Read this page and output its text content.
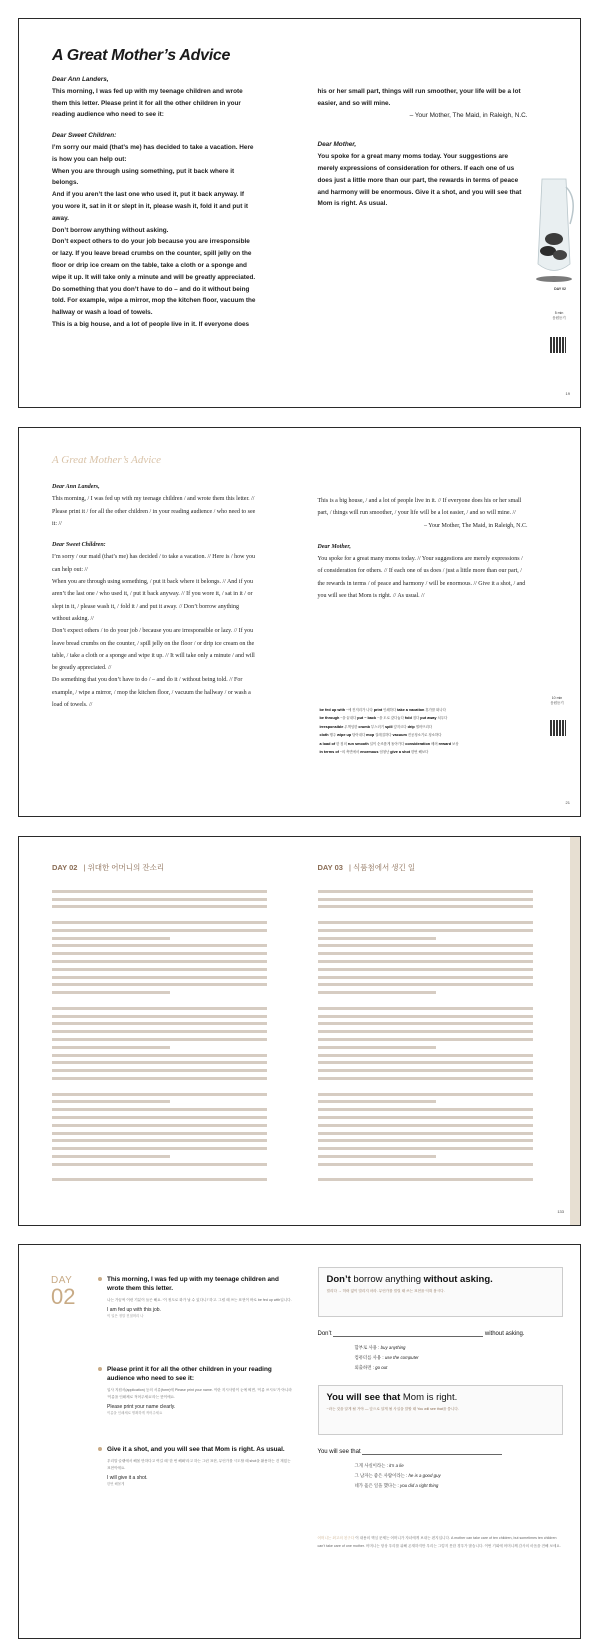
A Great Mother’s Advice

Dear Ann Landers,

This morning, I was fed up with my teenage children and wrote them this letter. Please print it for all the other children in your reading audience who need to see it:

Dear Sweet Children:

I’m sorry our maid (that’s me) has decided to take a vacation. Here is how you can help out:

When you are through using something, put it back where it belongs.

And if you aren’t the last one who used it, put it back anyway. If you wore it, sat in it or slept in it, please wash it, fold it and put it away.

Don’t borrow anything without asking.

Don’t expect others to do your job because you are irresponsible or lazy. If you leave bread crumbs on the counter, spill jelly on the floor or drip ice cream on the table, take a cloth or a sponge and wipe it up. It will take only a minute and will be greatly appreciated.

Do something that you don’t have to do – and do it without being told. For example, wipe a mirror, mop the kitchen floor, vacuum the hallway or wash a load of towels.

This is a big house, and a lot of people live in it. If everyone does

his or her small part, things will run smoother, your life will be a lot easier, and so will mine.

– Your Mother, The Maid, in Raleigh, N.C.

Dear Mother,

You spoke for a great many moms today. Your suggestions are merely expressions of consideration for others. If each one of us does just a little more than our part, the rewards in terms of peace and harmony will be enormous. Give it a shot, and you will see that Mom is right. As usual.

DAY 02
5 min
음원듣기
19
A Great Mother’s Advice

Dear Ann Landers,

This morning, / I was fed up with my teenage children / and wrote them this letter. // Please print it / for all the other children / in your reading audience / who need to see it: //

Dear Sweet Children:

I’m sorry / our maid (that’s me) has decided / to take a vacation. // Here is / how you can help out: //

When you are through using something, / put it back where it belongs. // And if you aren’t the last one / who used it, / put it back anyway. // If you wore it, / sat in it / or slept in it, / please wash it, / fold it / and put it away. // Don’t borrow anything without asking. //

Don’t expect others / to do your job / because you are irresponsible or lazy. // If you leave bread crumbs on the counter, / spill jelly on the floor / or drip ice cream on the table, / take a cloth or a sponge and wipe it up. // It will take only a minute / and will be greatly appreciated. //

Do something that you don’t have to do / – and do it / without being told. // For example, / wipe a mirror, / mop the kitchen floor, / vacuum the hallway / or wash a load of towels. //

This is a big house, / and a lot of people live in it. // If everyone does his or her small part, / things will run smoother, / your life will be a lot easier, / and so will mine. //

– Your Mother, The Maid, in Raleigh, N.C.

Dear Mother,

You spoke for a great many moms today. // Your suggestions are merely expressions / of consideration for others. // If each one of us does / just a little more than our part, / the rewards in terms / of peace and harmony / will be enormous. // Give it a shot, / and you will see that Mom is right. // As usual. //

be fed up with ~에 진저리가 나다 print 인쇄하다 take a vacation 휴가를 떠나다
be through ~을 끝내다 put ~ back ~을 도로 갖다놓다 fold 접다 put away 치우다
irresponsible 무책임한 crumb 부스러기 spill 엎지르다 drip 떨어뜨리다
cloth 행주 wipe up 닦아내다 mop 걸레질하다 vacuum 진공청소기로 청소하다
a load of 한 짐의 run smooth 일이 순조롭게 돌아가다 consideration 배려 reward 보상
in terms of ~의 측면에서 enormous 엄청난 give a shot 한번 해보다
10 min
음원듣기
21
DAY 02 | 위대한 어머니의 잔소리	DAY 03 | 식품첨에서 생긴 일
133
DAY
02
This morning, I was fed up with my teenage children and wrote them this letter.
나는 가끔씩 이런 기분이 들곤 해요. ‘이 정도로 화가 날 수 있다니!’ 하고. 그럴 때 쓰는 표현이 바로 be fed up with입니다.
I am fed up with this job.
이 일은 정말 진절머리 나
Please print it for all the other children in your reading audience who need to see it:
입사 지원서(application) 등의 서류(form)에 Please print your name. 이란 지시사항이 눈에 띄면, ‘이름 쓰시오’가 아니라 ‘이름을 인쇄체로 적어주세요’라는 뜻이에요.
Please print your name clearly.
이름을 인쇄체로 명확하게 적어주세요
Give it a shot, and you will see that Mom is right. As usual.
우리말 슬랭에서 해볼 만하다고 여길 때 ‘한 번 해봐’라고 하는 그런 표현, 무언가를 시도할 때 shot을 활용하는 건 재밌는 표현이에요.
I will give it a shot.
한번 해볼게
Don’t borrow anything without asking.
빌리다 → 허락 없이 빌리지 마라. 무언가를 빌릴 때 쓰는 표현을 익혀 봅시다.
Don’t	without asking.
함부로 사용 : buy anything
컴퓨터를 사용 : use the computer
외출하면 : go out
You will see that Mom is right.
~라는 것을 알게 될 거야 — 앞으로 알게 될 사실을 말할 때 You will see that을 씁니다.
You will see that
그게 사실이라는 : it’s a lie
그 남자는 좋은 사람이라는 : he is a good guy
네가 옳은 일을 했다는 : you did a right thing
어머니는 최고의 친구다 이 내용의 핵심 문제는 어머니가 자녀에게 보내는 편지입니다. A mother can take care of ten children, but sometimes ten children can’t take care of one mother. 어머니는 항상 우리를 위해 존재하지만 우리는 그렇지 못한 경우가 많습니다. 이번 기회에 어머니께 감사의 마음을 전해 보세요.
